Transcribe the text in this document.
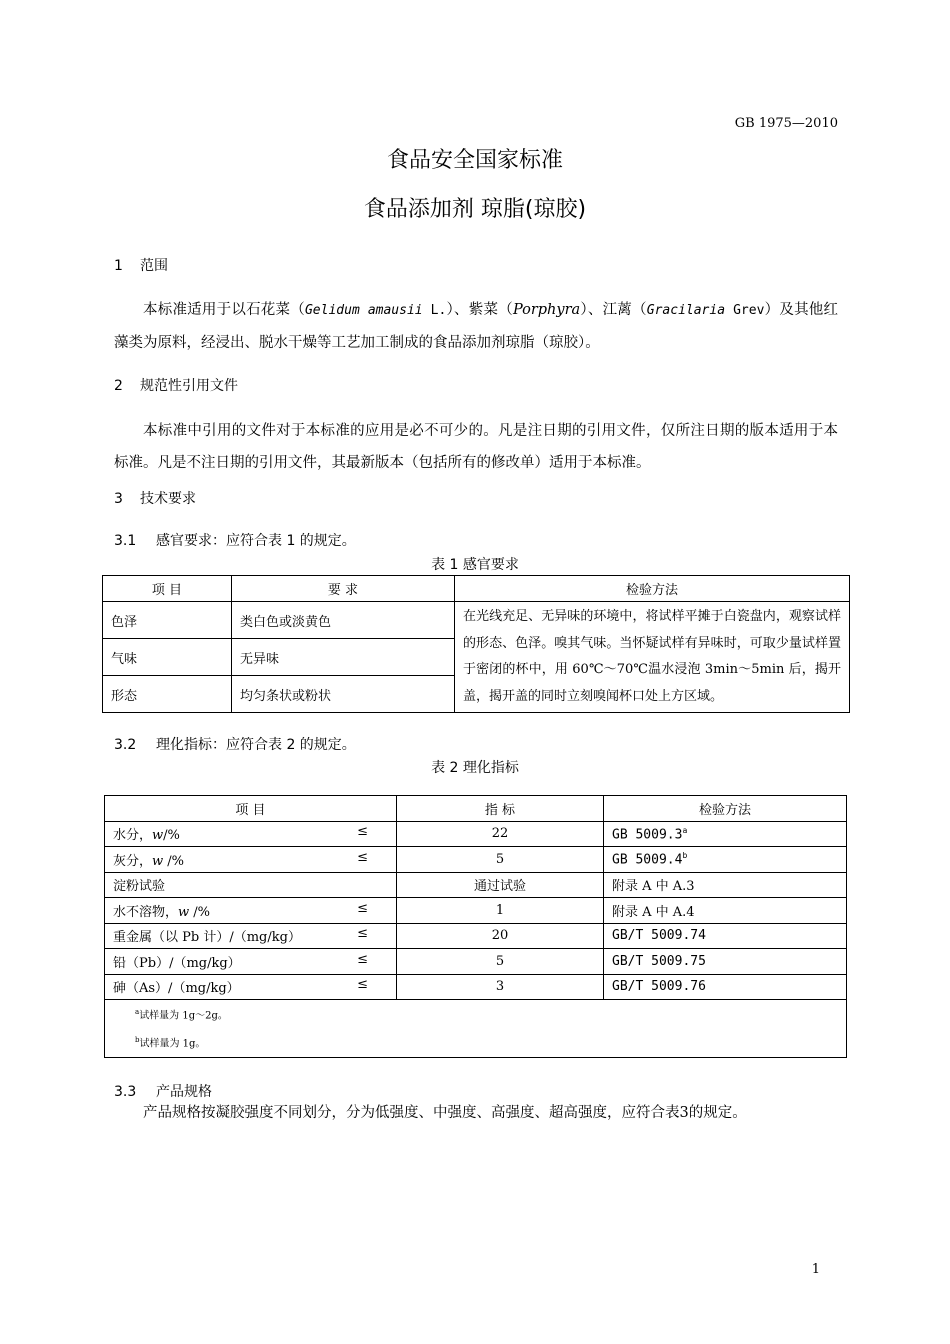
GB 1975—2010
食品安全国家标准
食品添加剂 琼脂(琼胶)
1 范围
本标准适用于以石花菜（Gelidum amausii L.）、紫菜（Porphyra）、江蓠（Gracilaria Grev）及其他红藻类为原料，经浸出、脱水干燥等工艺加工制成的食品添加剂琼脂（琼胶）。
2 规范性引用文件
本标准中引用的文件对于本标准的应用是必不可少的。凡是注日期的引用文件，仅所注日期的版本适用于本标准。凡是不注日期的引用文件，其最新版本（包括所有的修改单）适用于本标准。
3 技术要求
3.1 感官要求：应符合表 1 的规定。
表 1 感官要求
项 目	要 求	检验方法
色泽	类白色或淡黄色	在光线充足、无异味的环境中，将试样平摊于白瓷盘内，观察试样的形态、色泽。嗅其气味。当怀疑试样有异味时，可取少量试样置于密闭的杯中，用 60℃～70℃温水浸泡 3min～5min 后，揭开盖，揭开盖的同时立刻嗅闻杯口处上方区域。
气味	无异味	
形态	均匀条状或粉状	
3.2 理化指标：应符合表 2 的规定。
表 2 理化指标
项 目	指 标	检验方法
水分，w/% ≤	22	GB 5009.3$^a$
灰分，w /% ≤	5	GB 5009.4$^b$
淀粉试验	通过试验	附录 A 中 A.3
水不溶物，w /% ≤	1	附录 A 中 A.4
重金属（以 Pb 计）/（mg/kg） ≤	20	GB/T 5009.74
铅（Pb）/（mg/kg） ≤	5	GB/T 5009.75
砷（As）/（mg/kg） ≤	3	GB/T 5009.76

$^a$试样量为 1g～2g。
$^b$试样量为 1g。		
3.3 产品规格
产品规格按凝胶强度不同划分，分为低强度、中强度、高强度、超高强度，应符合表3的规定。
1
